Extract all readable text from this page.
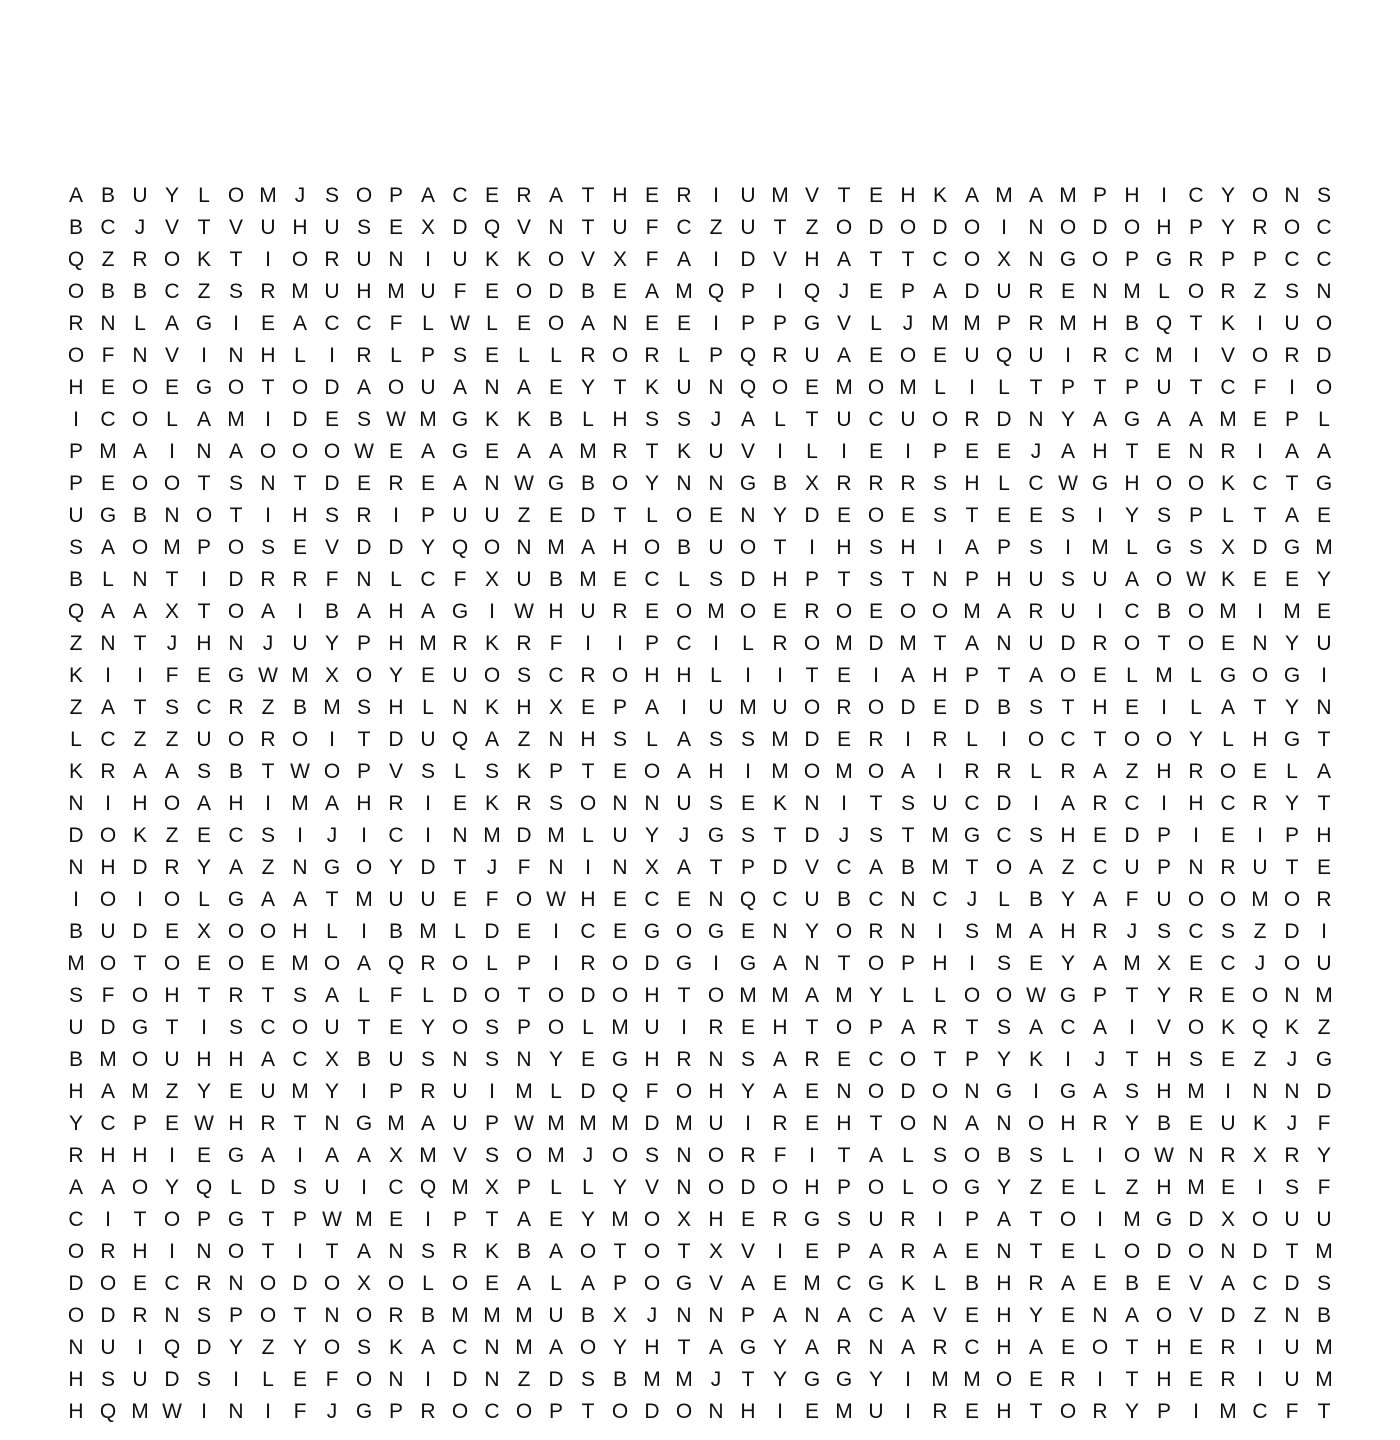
A B U Y L O M J S O P A C E R A T H E R	I	U M V T E H K A M A M P H	I	C Y O N S
B C J V T V U H U S E X D Q V N T U F C Z U T Z O D O D O I	N O D O H P Y R O C
Q Z R O K T	I O R U N	I	U K K O V X F A	I	D V H A T T C O X N G O P G R P P C C
O B B C Z S R M U H M U F E O D B E A M Q P	I Q J E P A D U R E N M L O R Z S N
R N L A G I	E A C C F L W L E O A N E E	I	P P G V L J M M P R M H B Q T K	I	U O
O F N V	I	N H L	I	R L P S E L L R O R L P Q R U A E O E U Q U	I	R C M I	V O R D
H E O E G O T O D A O U A N A E Y T K U N Q O E M O M L	I	L T P T P U T C F	I O
I	C O L A M I	D E S W M G K K B L H S S J A L T U C U O R D N Y A G A A M E P L
P M A	I	N A O O O W E A G E A A M R T K U V	I	L	I	E	I	P E E J A H T E N R	I	A A
P E O O T S N T D E R E A N W G B O Y N N G B X R R R S H L C W G H O O K C T G
U G B N O T	I	H S R	I	P U U Z E D T L O E N Y D E O E S T E E S	I	Y S P L T A E
S A O M P O S E V D D Y Q O N M A H O B U O T	I	H S H	I	A P S	I M L G S X D G M
B L N T	I	D R R F N L C F X U B M E C L S D H P T S T N P H U S U A O W K E E Y
Q A A X T O A	I	B A H A G I W H U R E O M O E R O E O O M A R U	I	C B O M I M E
Z N T J H N J U Y P H M R K R F	I	I	P C	I	L R O M D M T A N U D R O T O E N Y U
K	I	I	F E G W M X O Y E U O S C R O H H L	I	I	T E	I	A H P T A O E L M L G O G I
Z A T S C R Z B M S H L N K H X E P A	I	U M U O R O D E D B S T H E	I	L A T Y N
L C Z Z U O R O I	T D U Q A Z N H S L A S S M D E R	I	R L	I O C T O O Y L H G T
K R A A S B T W O P V S L S K P T E O A H	I M O M O A	I	R R L R A Z H R O E L A
N	I	H O A H	I M A H R	I	E K R S O N N U S E K N	I	T S U C D	I	A R C	I	H C R Y T
D O K Z E C S	I	J	I	C	I	N M D M L U Y J G S T D J S T M G C S H E D P	I	E	I	P H
N H D R Y A Z N G O Y D T J F N	I	N X A T P D V C A B M T O A Z C U P N R U T E
I O I O L G A A T M U U E F O W H E C E N Q C U B C N C J L B Y A F U O O M O R
B U D E X O O H L	I	B M L D E	I	C E G O G E N Y O R N	I	S M A H R J S C S Z D	I
M O T O E O E M O A Q R O L P	I	R O D G I G A N T O P H	I	S E Y A M X E C J O U
S F O H T R T S A L F L D O T O D O H T O M M A M Y L L O O W G P T Y R E O N M
U D G T	I	S C O U T E Y O S P O L M U	I	R E H T O P A R T S A C A	I	V O K Q K Z
B M O U H H A C X B U S N S N Y E G H R N S A R E C O T P Y K	I	J T H S E Z J G
H A M Z Y E U M Y	I	P R U	I M L D Q F O H Y A E N O D O N G I G A S H M I	N N D
Y C P E W H R T N G M A U P W M M M D M U	I	R E H T O N A N O H R Y B E U K J F
R H H	I	E G A	I	A A X M V S O M J O S N O R F	I	T A L S O B S L	I O W N R X R Y
A A O Y Q L D S U	I	C Q M X P L L Y V N O D O H P O L O G Y Z E L Z H M E	I	S F
C	I	T O P G T P W M E	I	P T A E Y M O X H E R G S U R	I	P A T O I M G D X O U U
O R H	I	N O T	I	T A N S R K B A O T O T X V	I	E P A R A E N T E L O D O N D T M
D O E C R N O D O X O L O E A L A P O G V A E M C G K L B H R A E B E V A C D S
O D R N S P O T N O R B M M M U B X J N N P A N A C A V E H Y E N A O V D Z N B
N U	I Q D Y Z Y O S K A C N M A O Y H T A G Y A R N A R C H A E O T H E R	I	U M
H S U D S	I	L E F O N	I	D N Z D S B M M J T Y G G Y	I M M O E R	I	T H E R	I	U M
H Q M W I	N	I	F J G P R O C O P T O D O N H	I	E M U	I	R E H T O R Y P	I M C F T
